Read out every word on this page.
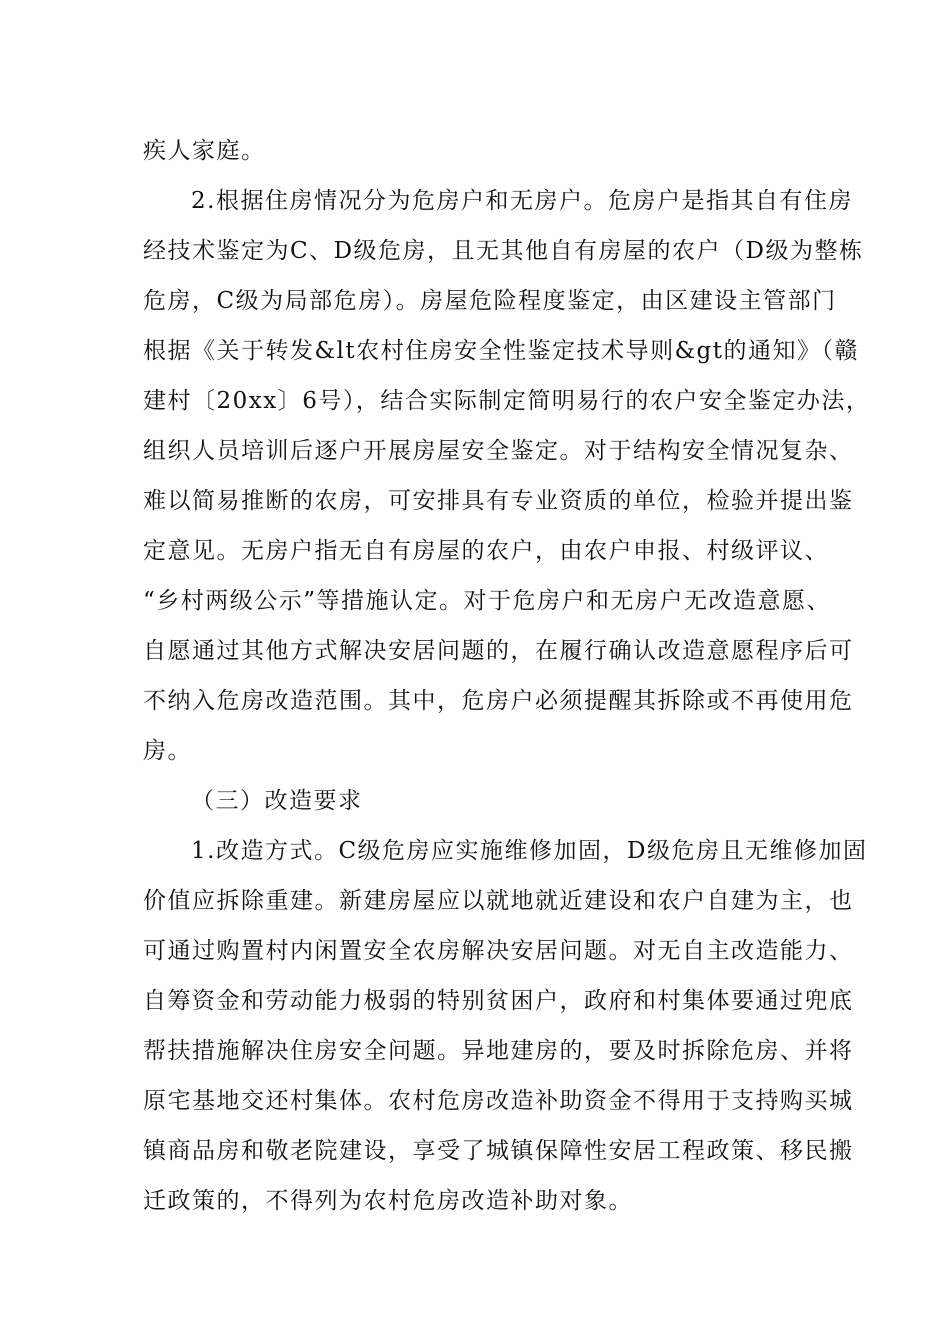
疾人家庭。
2.根据住房情况分为危房户和无房户。危房户是指其自有住房
经技术鉴定为C、D级危房，且无其他自有房屋的农户（D级为整栋
危房，C级为局部危房）。房屋危险程度鉴定，由区建设主管部门
根据《关于转发&lt农村住房安全性鉴定技术导则&gt的通知》（赣
建村〔20xx〕6号），结合实际制定简明易行的农户安全鉴定办法，
组织人员培训后逐户开展房屋安全鉴定。对于结构安全情况复杂、
难以简易推断的农房，可安排具有专业资质的单位，检验并提出鉴
定意见。无房户指无自有房屋的农户，由农户申报、村级评议、
“乡村两级公示”等措施认定。对于危房户和无房户无改造意愿、
自愿通过其他方式解决安居问题的，在履行确认改造意愿程序后可
不纳入危房改造范围。其中，危房户必须提醒其拆除或不再使用危
房。
（三）改造要求
1.改造方式。C级危房应实施维修加固，D级危房且无维修加固
价值应拆除重建。新建房屋应以就地就近建设和农户自建为主，也
可通过购置村内闲置安全农房解决安居问题。对无自主改造能力、
自筹资金和劳动能力极弱的特别贫困户，政府和村集体要通过兜底
帮扶措施解决住房安全问题。异地建房的，要及时拆除危房、并将
原宅基地交还村集体。农村危房改造补助资金不得用于支持购买城
镇商品房和敬老院建设，享受了城镇保障性安居工程政策、移民搬
迁政策的，不得列为农村危房改造补助对象。
